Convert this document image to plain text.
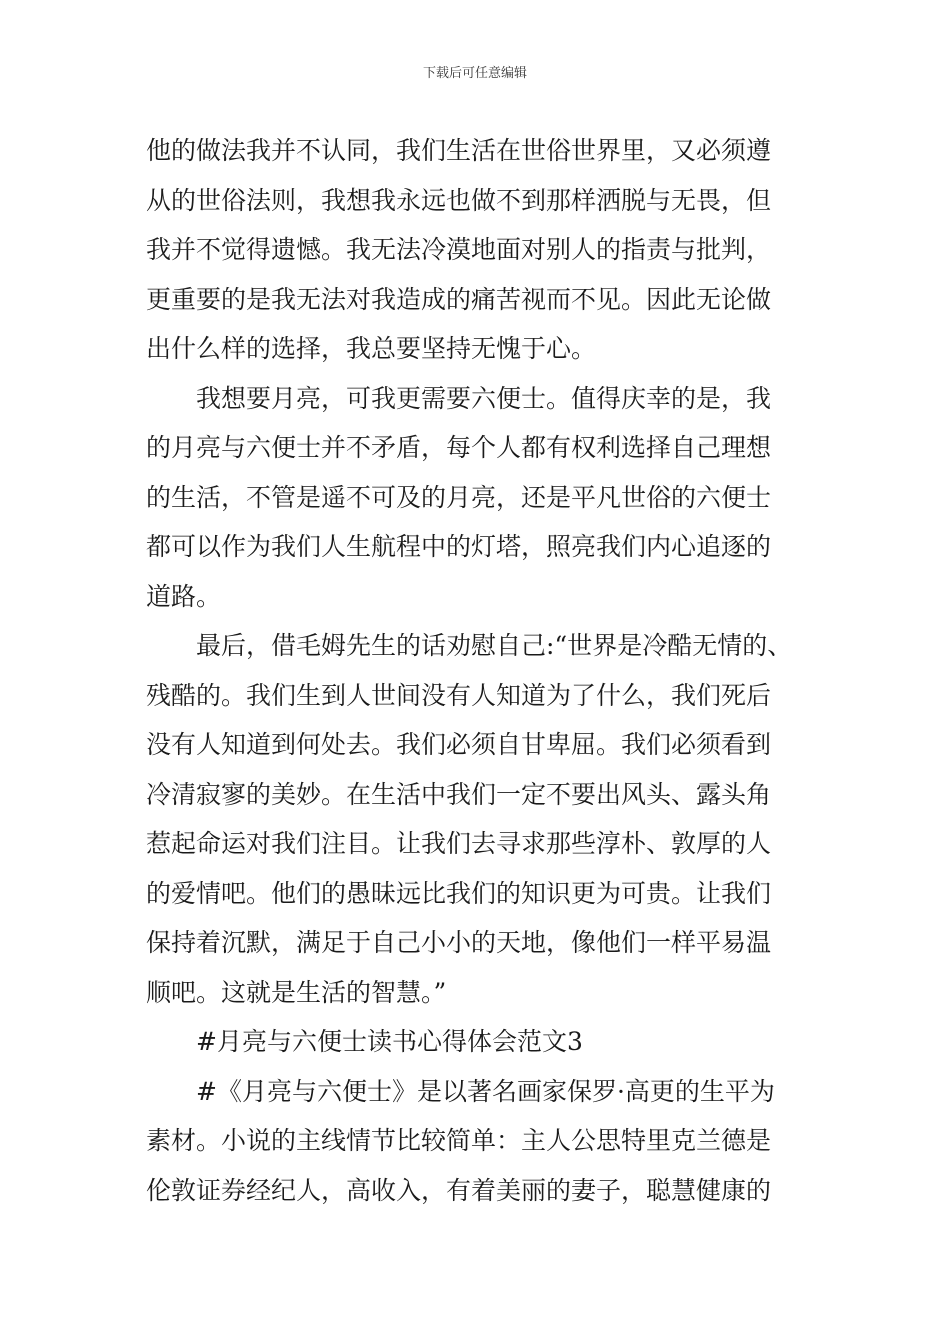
下载后可任意编辑
他的做法我并不认同，我们生活在世俗世界里，又必须遵
从的世俗法则，我想我永远也做不到那样洒脱与无畏，但
我并不觉得遗憾。我无法冷漠地面对别人的指责与批判，
更重要的是我无法对我造成的痛苦视而不见。因此无论做
出什么样的选择，我总要坚持无愧于心。
我想要月亮，可我更需要六便士。值得庆幸的是，我
的月亮与六便士并不矛盾，每个人都有权利选择自己理想
的生活，不管是遥不可及的月亮，还是平凡世俗的六便士
都可以作为我们人生航程中的灯塔，照亮我们内心追逐的
道路。
最后，借毛姆先生的话劝慰自己:“世界是冷酷无情的、
残酷的。我们生到人世间没有人知道为了什么，我们死后
没有人知道到何处去。我们必须自甘卑屈。我们必须看到
冷清寂寥的美妙。在生活中我们一定不要出风头、露头角
惹起命运对我们注目。让我们去寻求那些淳朴、敦厚的人
的爱情吧。他们的愚昧远比我们的知识更为可贵。让我们
保持着沉默，满足于自己小小的天地，像他们一样平易温
顺吧。这就是生活的智慧。”
#月亮与六便士读书心得体会范文3
#《月亮与六便士》是以著名画家保罗·高更的生平为
素材。小说的主线情节比较简单：主人公思特里克兰德是
伦敦证券经纪人，高收入，有着美丽的妻子，聪慧健康的
